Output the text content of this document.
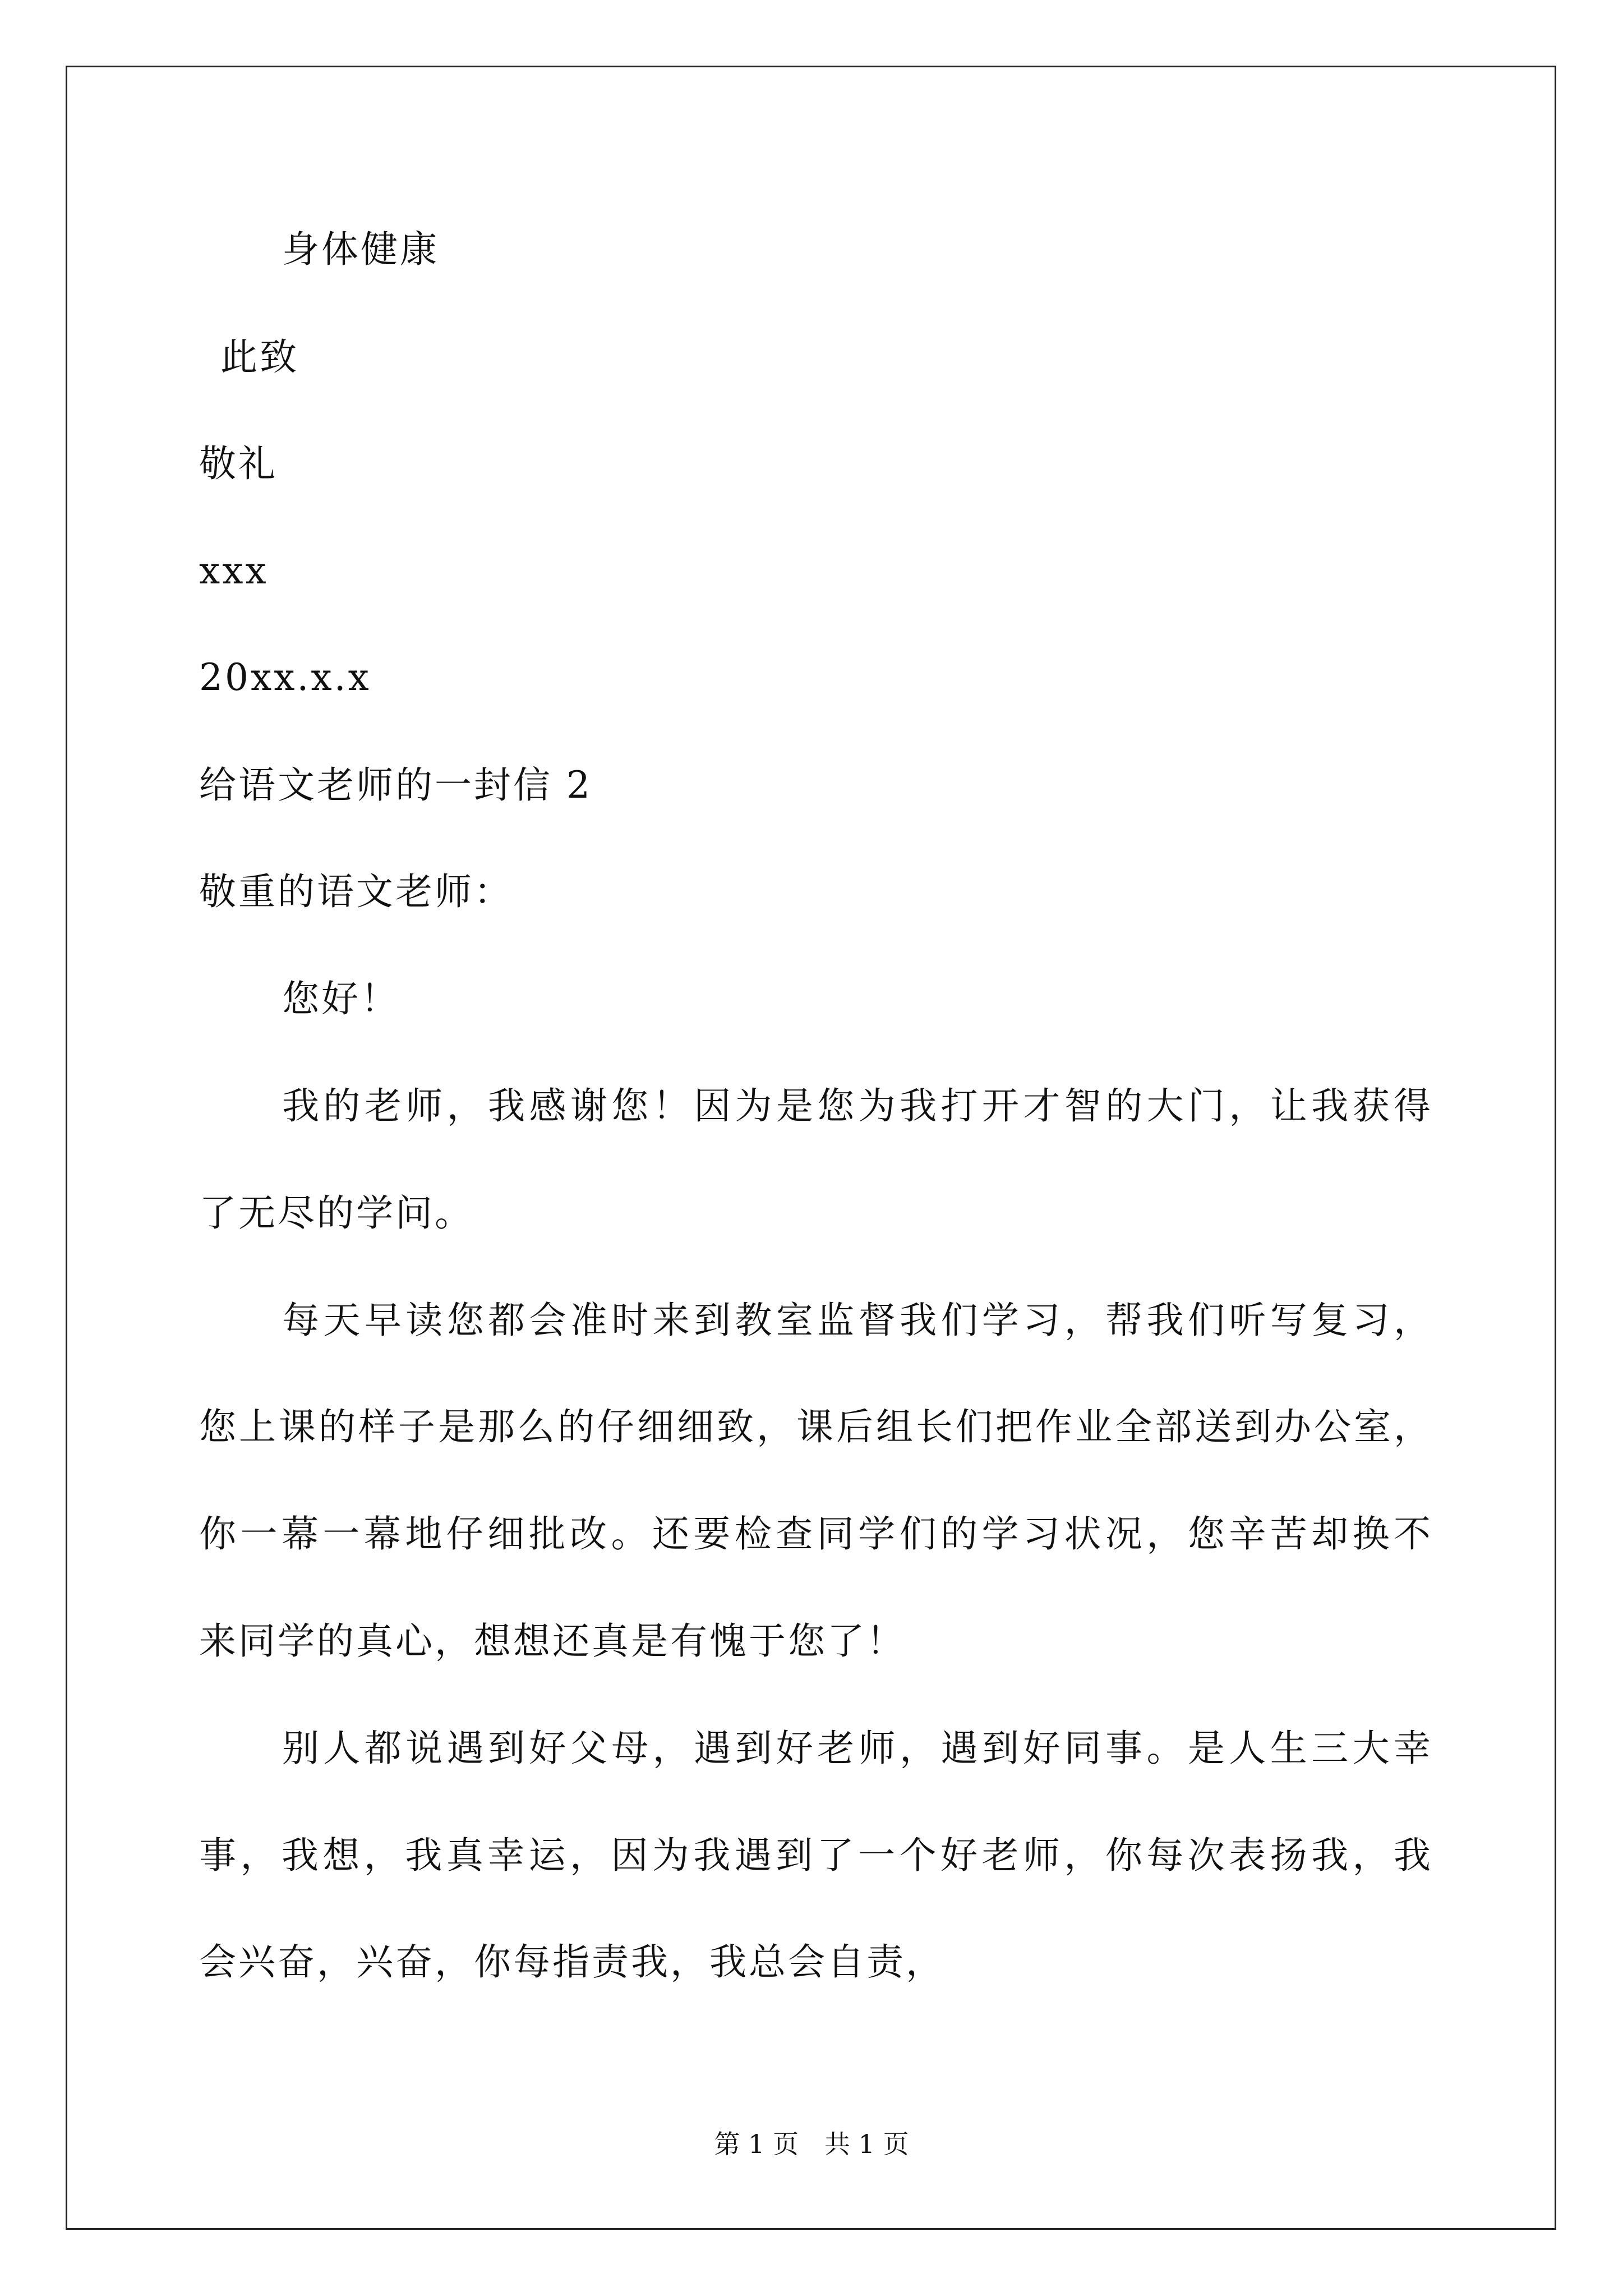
身体健康

此致

敬礼

xxx

20xx.x.x

给语文老师的一封信 2

敬重的语文老师：

您好！

我的老师，我感谢您！因为是您为我打开才智的大门，让我获得

了无尽的学问。

每天早读您都会准时来到教室监督我们学习，帮我们听写复习，

您上课的样子是那么的仔细细致，课后组长们把作业全部送到办公室，

你一幕一幕地仔细批改。还要检查同学们的学习状况，您辛苦却换不

来同学的真心，想想还真是有愧于您了！

别人都说遇到好父母，遇到好老师，遇到好同事。是人生三大幸

事，我想，我真幸运，因为我遇到了一个好老师，你每次表扬我，我

会兴奋，兴奋，你每指责我，我总会自责，

第 1 页　共 1 页
